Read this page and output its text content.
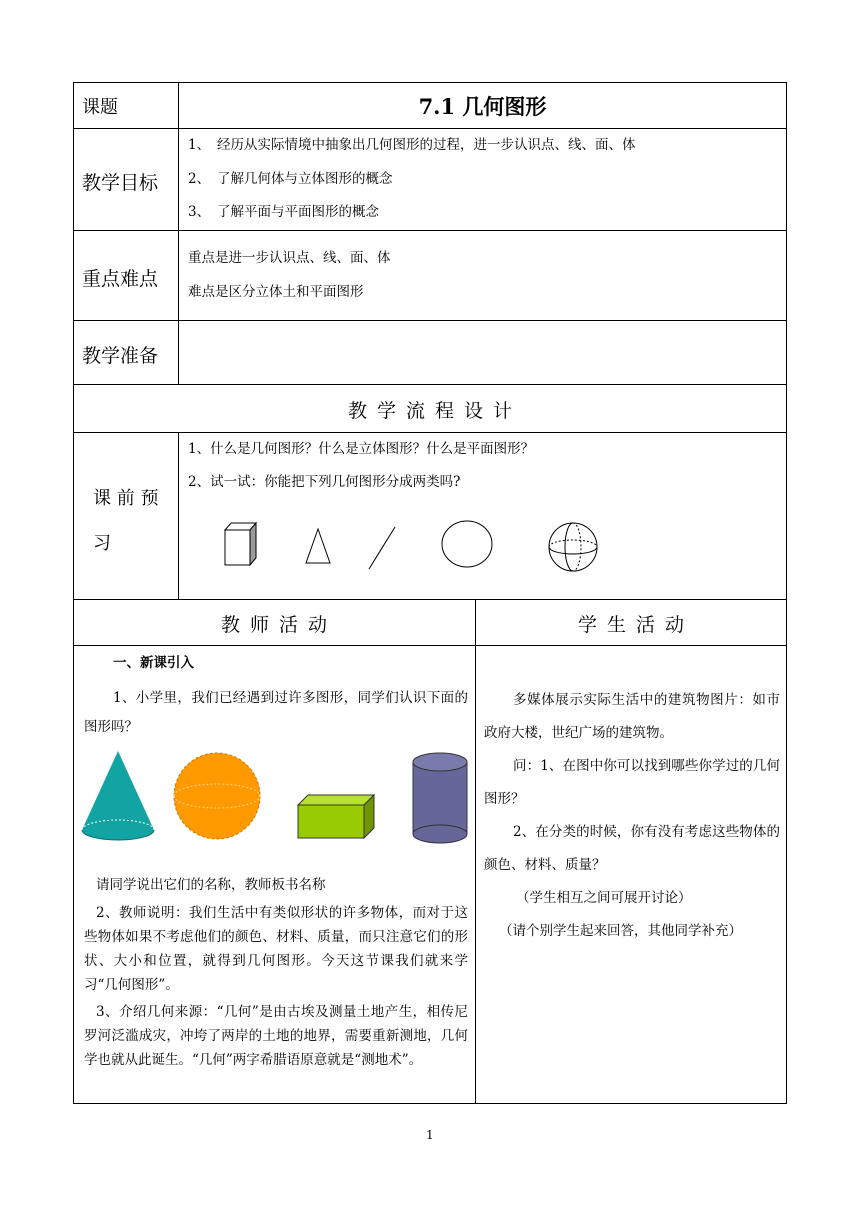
课题	7.1 几何图形
教学目标
1、 经历从实际情境中抽象出几何图形的过程，进一步认识点、线、面、体
2、 了解几何体与立体图形的概念
3、 了解平面与平面图形的概念
重点难点
重点是进一步认识点、线、面、体
难点是区分立体土和平面图形
教学准备
教学流程设计
课 前 预
习
1、什么是几何图形？什么是立体图形？什么是平面图形？
2、试一试：你能把下列几何图形分成两类吗?
教师活动	学生活动
一、新课引入
1、小学里，我们已经遇到过许多图形，同学们认识下面的图形吗？
请同学说出它们的名称，教师板书名称
2、教师说明：我们生活中有类似形状的许多物体，而对于这些物体如果不考虑他们的颜色、材料、质量，而只注意它们的形状、大小和位置，就得到几何图形。今天这节课我们就来学习“几何图形”。
3、介绍几何来源：“几何”是由古埃及测量土地产生，相传尼罗河泛滥成灾，冲垮了两岸的土地的地界，需要重新测地，几何学也就从此诞生。“几何”两字希腊语原意就是“测地术”。
多媒体展示实际生活中的建筑物图片：如市政府大楼，世纪广场的建筑物。
问：1、在图中你可以找到哪些你学过的几何图形？
2、在分类的时候，你有没有考虑这些物体的颜色、材料、质量？
（学生相互之间可展开讨论）
（请个别学生起来回答，其他同学补充）
1
